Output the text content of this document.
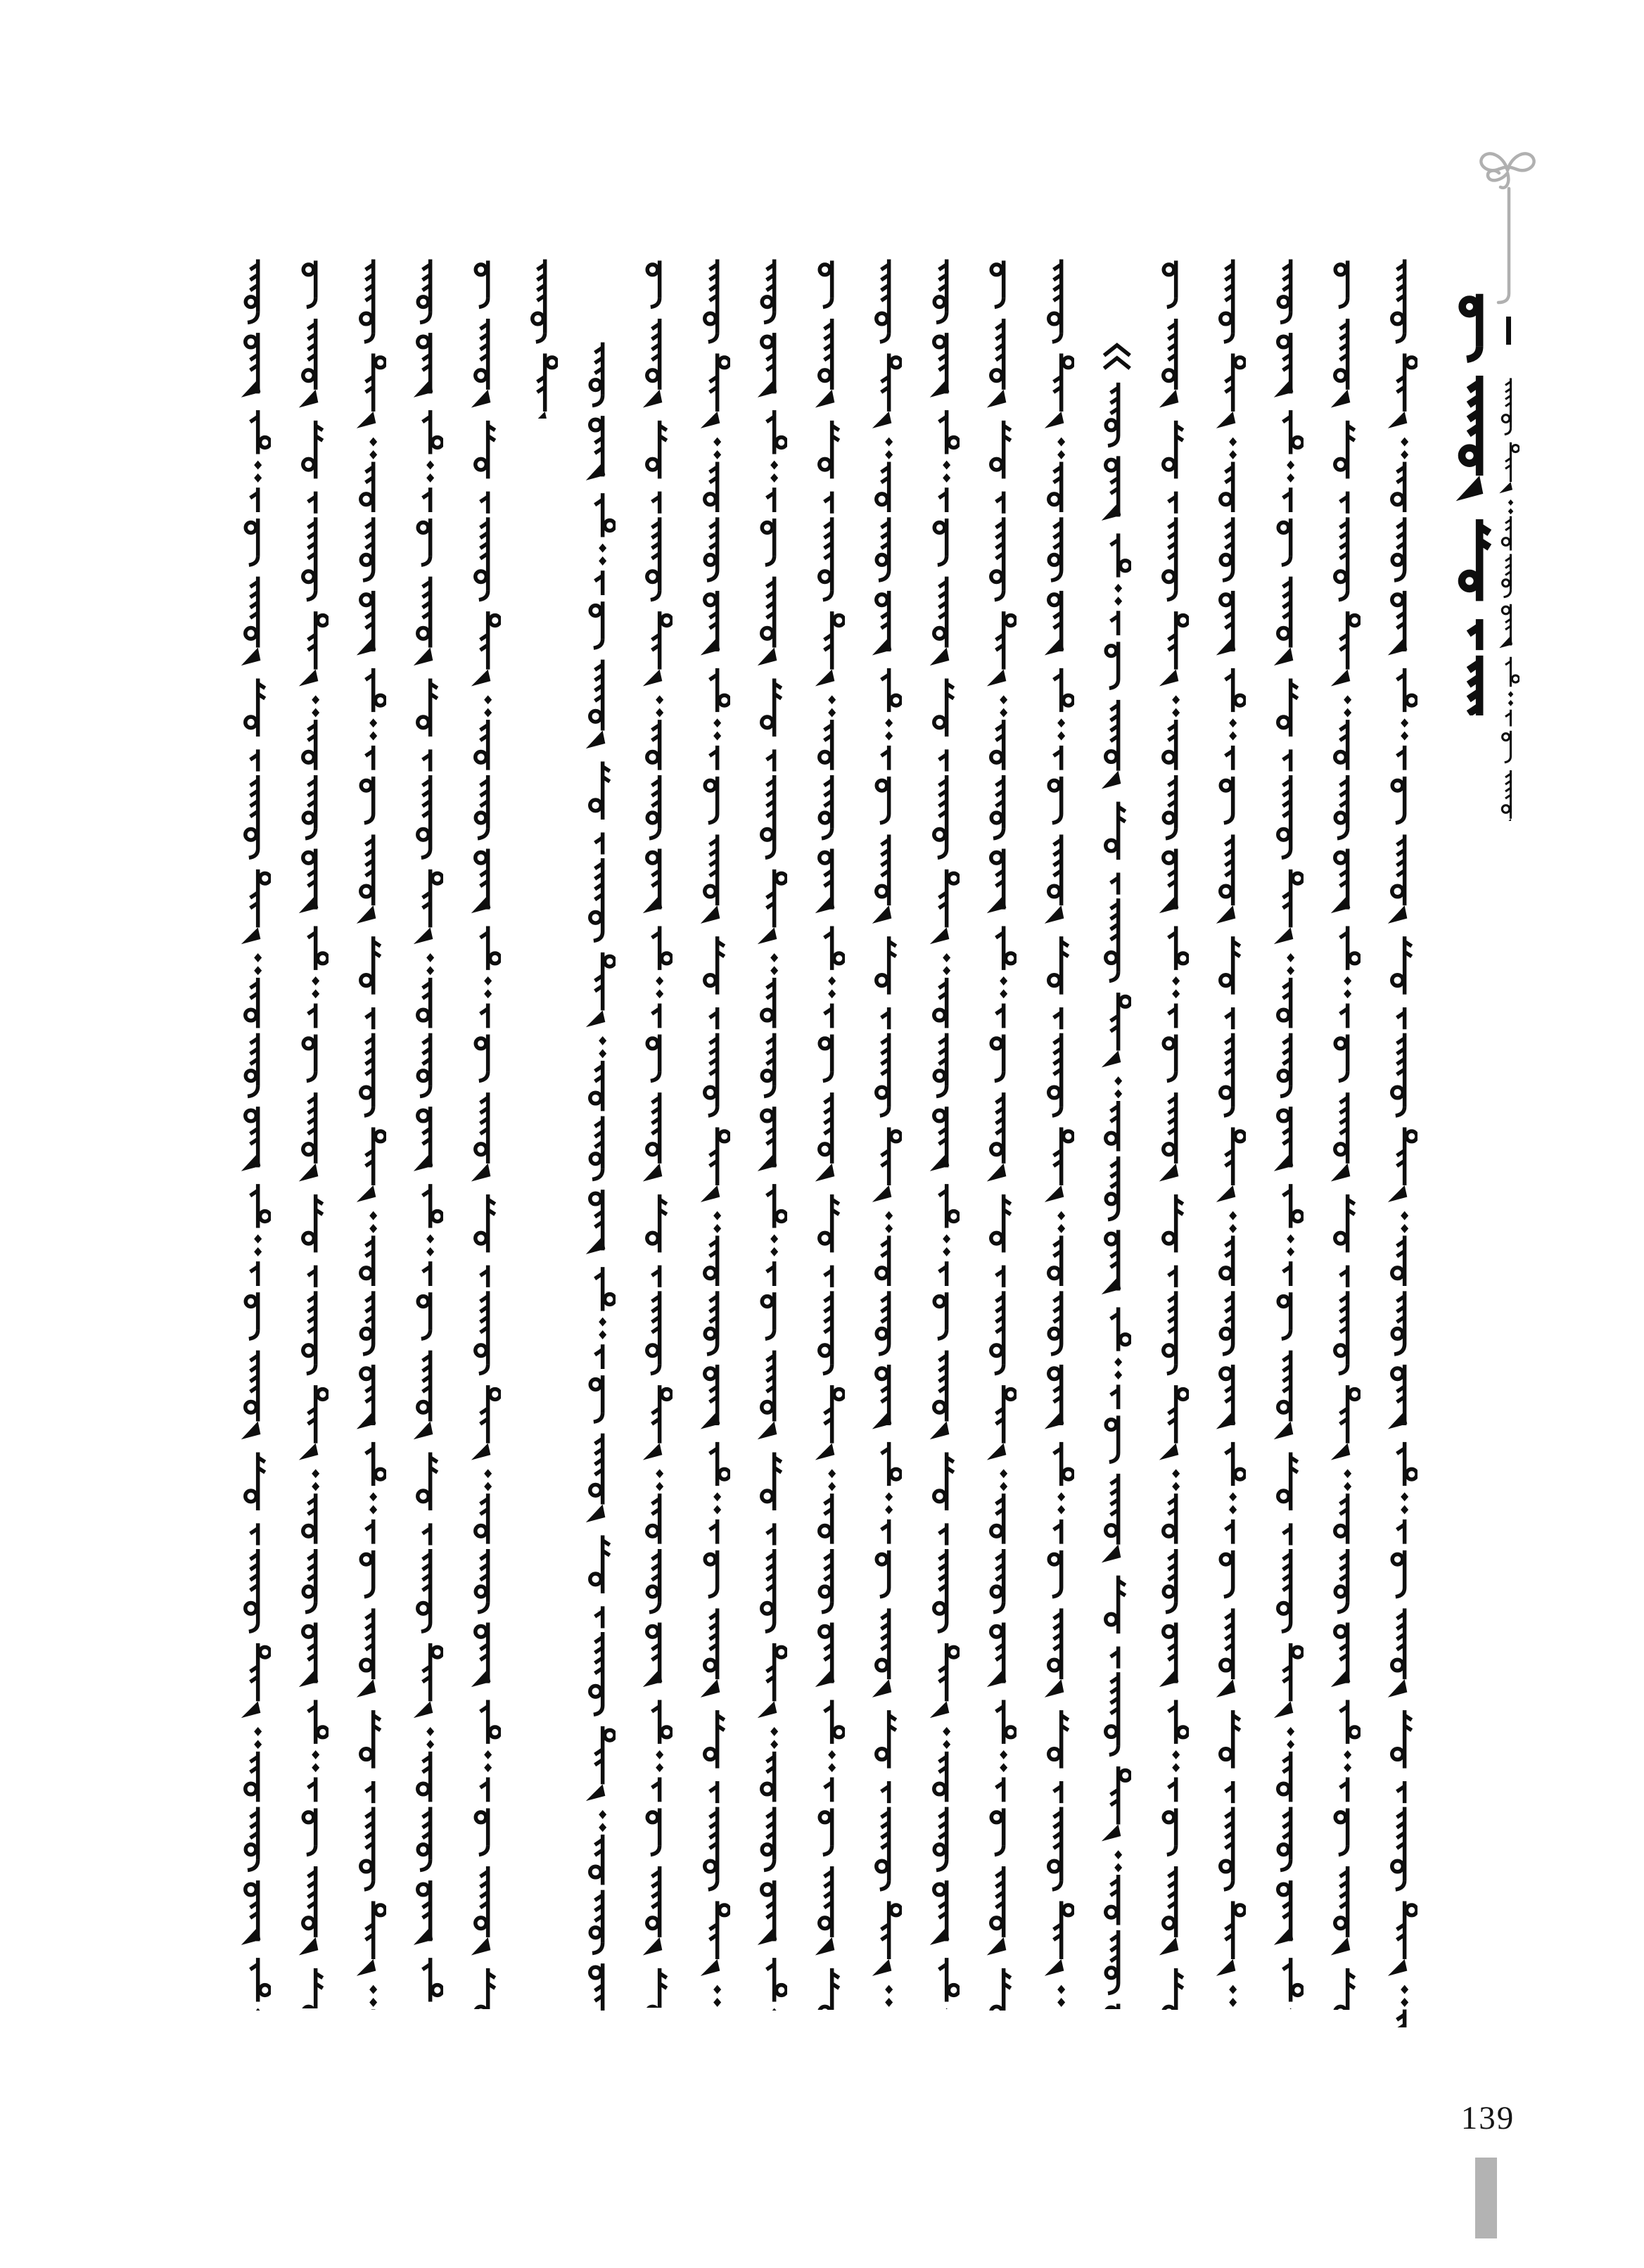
139
